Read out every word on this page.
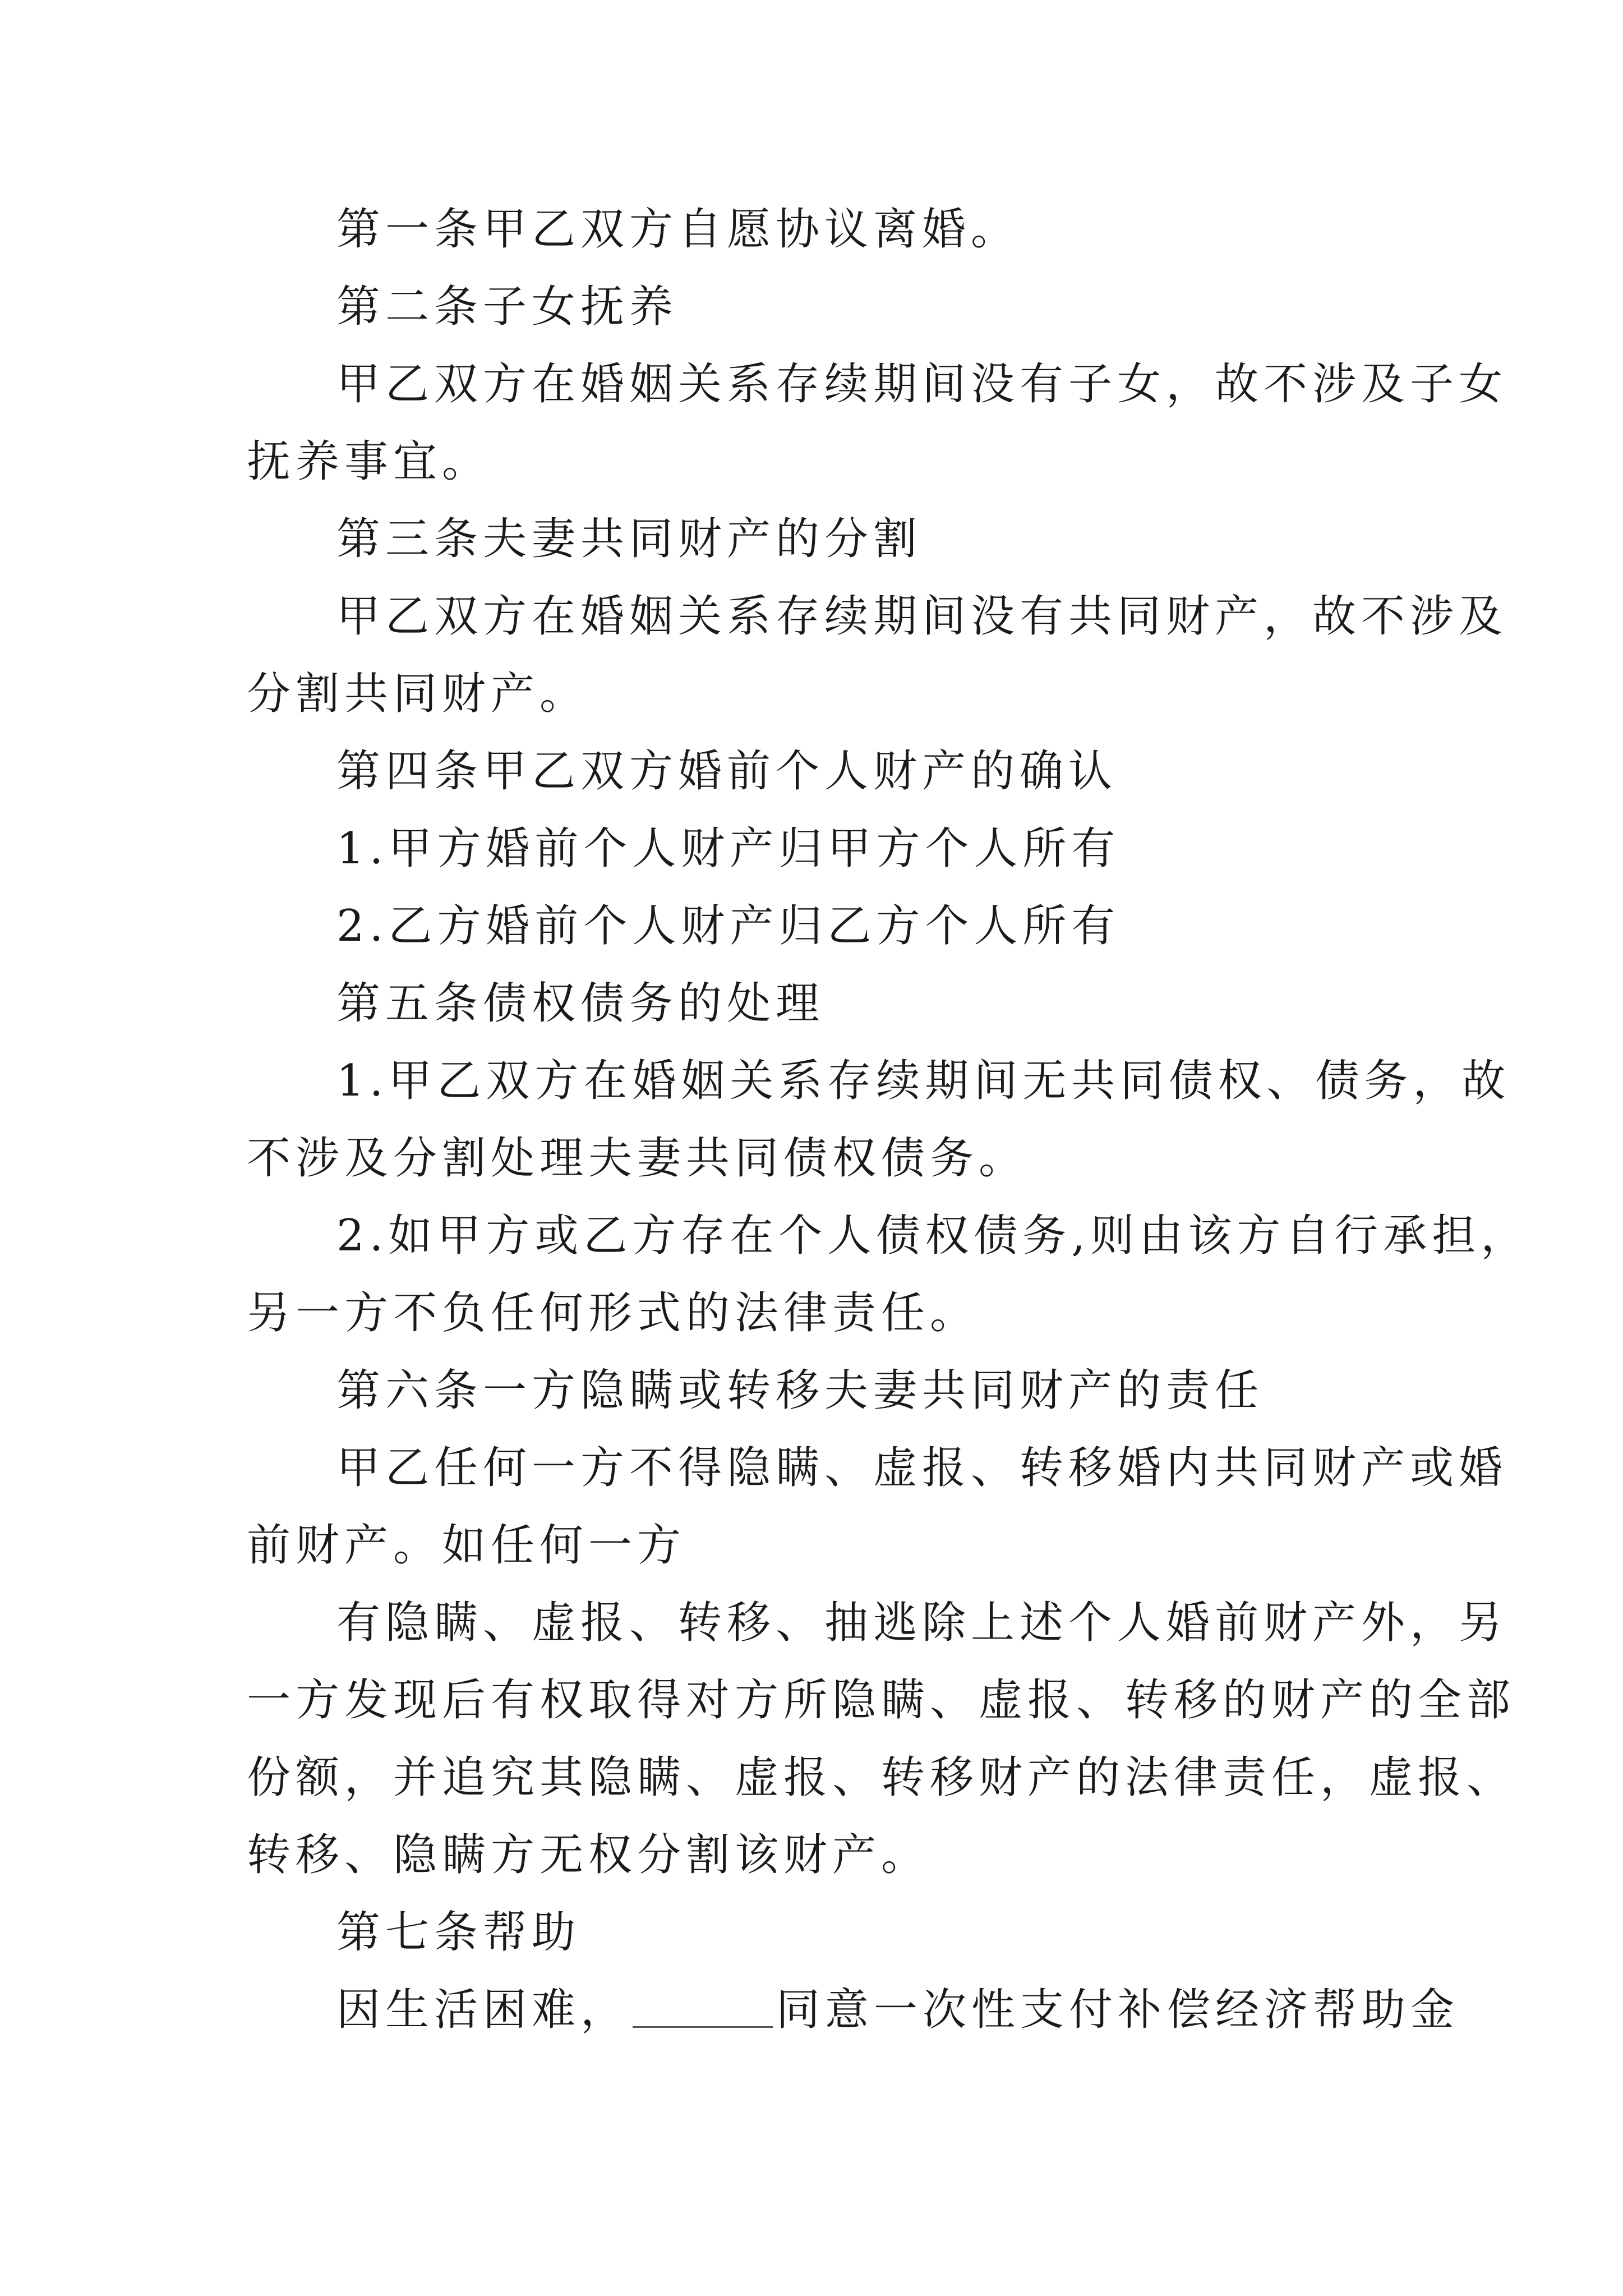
第一条甲乙双方自愿协议离婚。
第二条子女抚养
甲乙双方在婚姻关系存续期间没有子女，故不涉及子女
抚养事宜。
第三条夫妻共同财产的分割
甲乙双方在婚姻关系存续期间没有共同财产，故不涉及
分割共同财产。
第四条甲乙双方婚前个人财产的确认
1.甲方婚前个人财产归甲方个人所有
2.乙方婚前个人财产归乙方个人所有
第五条债权债务的处理
1.甲乙双方在婚姻关系存续期间无共同债权、债务，故
不涉及分割处理夫妻共同债权债务。
2.如甲方或乙方存在个人债权债务,则由该方自行承担，
另一方不负任何形式的法律责任。
第六条一方隐瞒或转移夫妻共同财产的责任
甲乙任何一方不得隐瞒、虚报、转移婚内共同财产或婚
前财产。如任何一方
有隐瞒、虚报、转移、抽逃除上述个人婚前财产外，另
一方发现后有权取得对方所隐瞒、虚报、转移的财产的全部
份额，并追究其隐瞒、虚报、转移财产的法律责任，虚报、
转移、隐瞒方无权分割该财产。
第七条帮助
因生活困难，	同意一次性支付补偿经济帮助金
